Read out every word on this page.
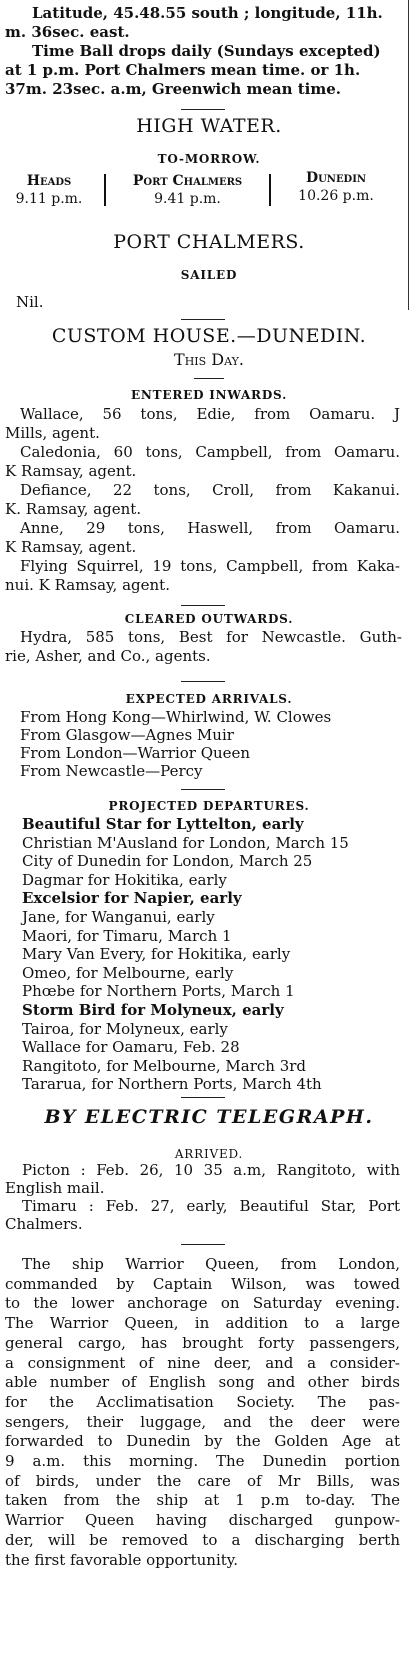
Latitude, 45.48.55 south ; longitude, 11h.
m. 36sec. east.
Time Ball drops daily (Sundays excepted)
at 1 p.m. Port Chalmers mean time. or 1h.
37m. 23sec. a.m, Greenwich mean time.
HIGH WATER.
TO-MORROW.
Heads
9.11 p.m.
Port Chalmers
9.41 p.m.
Dunedin
10.26 p.m.
PORT CHALMERS.
SAILED
Nil.
CUSTOM HOUSE.—DUNEDIN.
This Day.
ENTERED INWARDS.
Wallace, 56 tons, Edie, from Oamaru. J
Mills, agent.
Caledonia, 60 tons, Campbell, from Oamaru.
K Ramsay, agent.
Defiance, 22 tons, Croll, from Kakanui.
K. Ramsay, agent.
Anne, 29 tons, Haswell, from Oamaru.
K Ramsay, agent.
Flying Squirrel, 19 tons, Campbell, from Kaka-
nui. K Ramsay, agent.
CLEARED OUTWARDS.
Hydra, 585 tons, Best for Newcastle. Guth-
rie, Asher, and Co., agents.
EXPECTED ARRIVALS.
From Hong Kong—Whirlwind, W. Clowes
From Glasgow—Agnes Muir
From London—Warrior Queen
From Newcastle—Percy
PROJECTED DEPARTURES.
Beautiful Star for Lyttelton, early
Christian M'Ausland for London, March 15
City of Dunedin for London, March 25
Dagmar for Hokitika, early
Excelsior for Napier, early
Jane, for Wanganui, early
Maori, for Timaru, March 1
Mary Van Every, for Hokitika, early
Omeo, for Melbourne, early
Phœbe for Northern Ports, March 1
Storm Bird for Molyneux, early
Tairoa, for Molyneux, early
Wallace for Oamaru, Feb. 28
Rangitoto, for Melbourne, March 3rd
Tararua, for Northern Ports, March 4th
BY ELECTRIC TELEGRAPH.
ARRIVED.
Picton : Feb. 26, 10 35 a.m, Rangitoto, with
English mail.
Timaru : Feb. 27, early, Beautiful Star, Port
Chalmers.
The ship Warrior Queen, from London,
commanded by Captain Wilson, was towed
to the lower anchorage on Saturday evening.
The Warrior Queen, in addition to a large
general cargo, has brought forty passengers,
a consignment of nine deer, and a consider-
able number of English song and other birds
for the Acclimatisation Society. The pas-
sengers, their luggage, and the deer were
forwarded to Dunedin by the Golden Age at
9 a.m. this morning. The Dunedin portion
of birds, under the care of Mr Bills, was
taken from the ship at 1 p.m to-day. The
Warrior Queen having discharged gunpow-
der, will be removed to a discharging berth
the first favorable opportunity.
